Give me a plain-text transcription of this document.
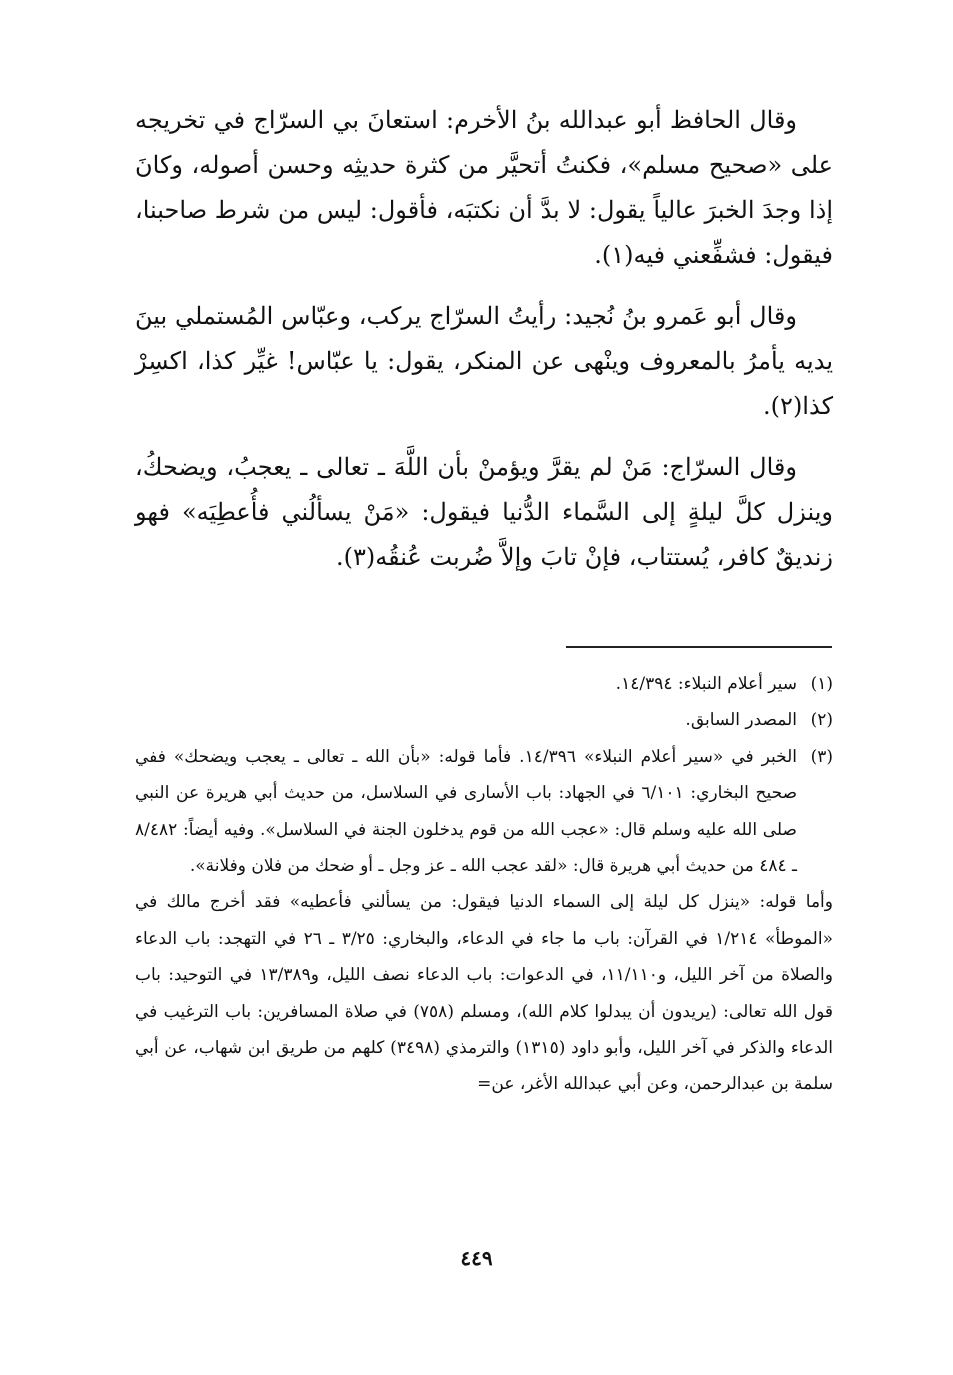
وقال الحافظ أبو عبدالله بنُ الأخرم: استعانَ بي السرّاج في تخريجه على «صحيح مسلم»، فكنتُ أتحيَّر من كثرة حديثِه وحسن أصوله، وكانَ إذا وجدَ الخبرَ عالياً يقول: لا بدَّ أن نكتبَه، فأقول: ليس من شرط صاحبنا، فيقول: فشفِّعني فيه(١).

وقال أبو عَمرو بنُ نُجيد: رأيتُ السرّاج يركب، وعبّاس المُستملي بينَ يديه يأمرُ بالمعروف وينْهى عن المنكر، يقول: يا عبّاس! غيِّر كذا، اكسِرْ كذا(٢).

وقال السرّاج: مَنْ لم يقرَّ ويؤمنْ بأن اللَّهَ ـ تعالى ـ يعجبُ، ويضحكُ، وينزل كلَّ ليلةٍ إلى السَّماء الدُّنيا فيقول: «مَنْ يسألُني فأُعطِيَه» فهو زنديقٌ كافر، يُستتاب، فإنْ تابَ وإلاَّ ضُربت عُنقُه(٣).

(١)
سير أعلام النبلاء: ١٤/٣٩٤.

(٢)
المصدر السابق.

(٣)
الخبر في «سير أعلام النبلاء» ١٤/٣٩٦. فأما قوله: «بأن الله ـ تعالى ـ يعجب ويضحك» ففي صحيح البخاري: ٦/١٠١ في الجهاد: باب الأسارى في السلاسل، من حديث أبي هريرة عن النبي صلى الله عليه وسلم قال: «عجب الله من قوم يدخلون الجنة في السلاسل». وفيه أيضاً: ٨/٤٨٢ ـ ٤٨٤ من حديث أبي هريرة قال: «لقد عجب الله ـ عز وجل ـ أو ضحك من فلان وفلانة».

وأما قوله: «ينزل كل ليلة إلى السماء الدنيا فيقول: من يسألني فأعطيه» فقد أخرج مالك في «الموطأ» ١/٢١٤ في القرآن: باب ما جاء في الدعاء، والبخاري: ٣/٢٥ ـ ٢٦ في التهجد: باب الدعاء والصلاة من آخر الليل، و١١/١١٠، في الدعوات: باب الدعاء نصف الليل، و١٣/٣٨٩ في التوحيد: باب قول الله تعالى: (يريدون أن يبدلوا كلام الله)، ومسلم (٧٥٨) في صلاة المسافرين: باب الترغيب في الدعاء والذكر في آخر الليل، وأبو داود (١٣١٥) والترمذي (٣٤٩٨) كلهم من طريق ابن شهاب، عن أبي سلمة بن عبدالرحمن، وعن أبي عبدالله الأغر، عن=

٤٤٩
